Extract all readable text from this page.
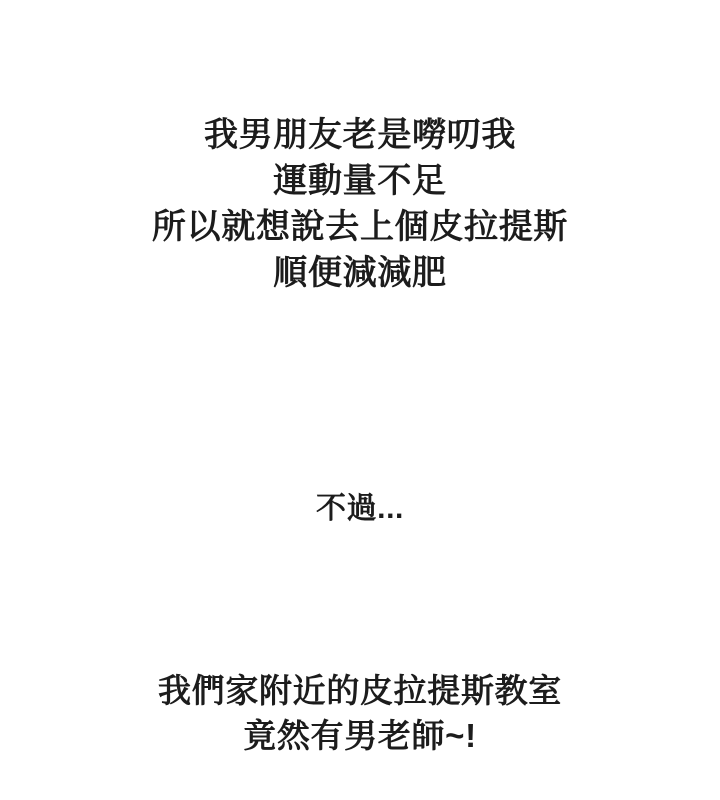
我男朋友老是嘮叨我
運動量不足
所以就想說去上個皮拉提斯
順便減減肥
不過...
我們家附近的皮拉提斯教室
竟然有男老師~!
